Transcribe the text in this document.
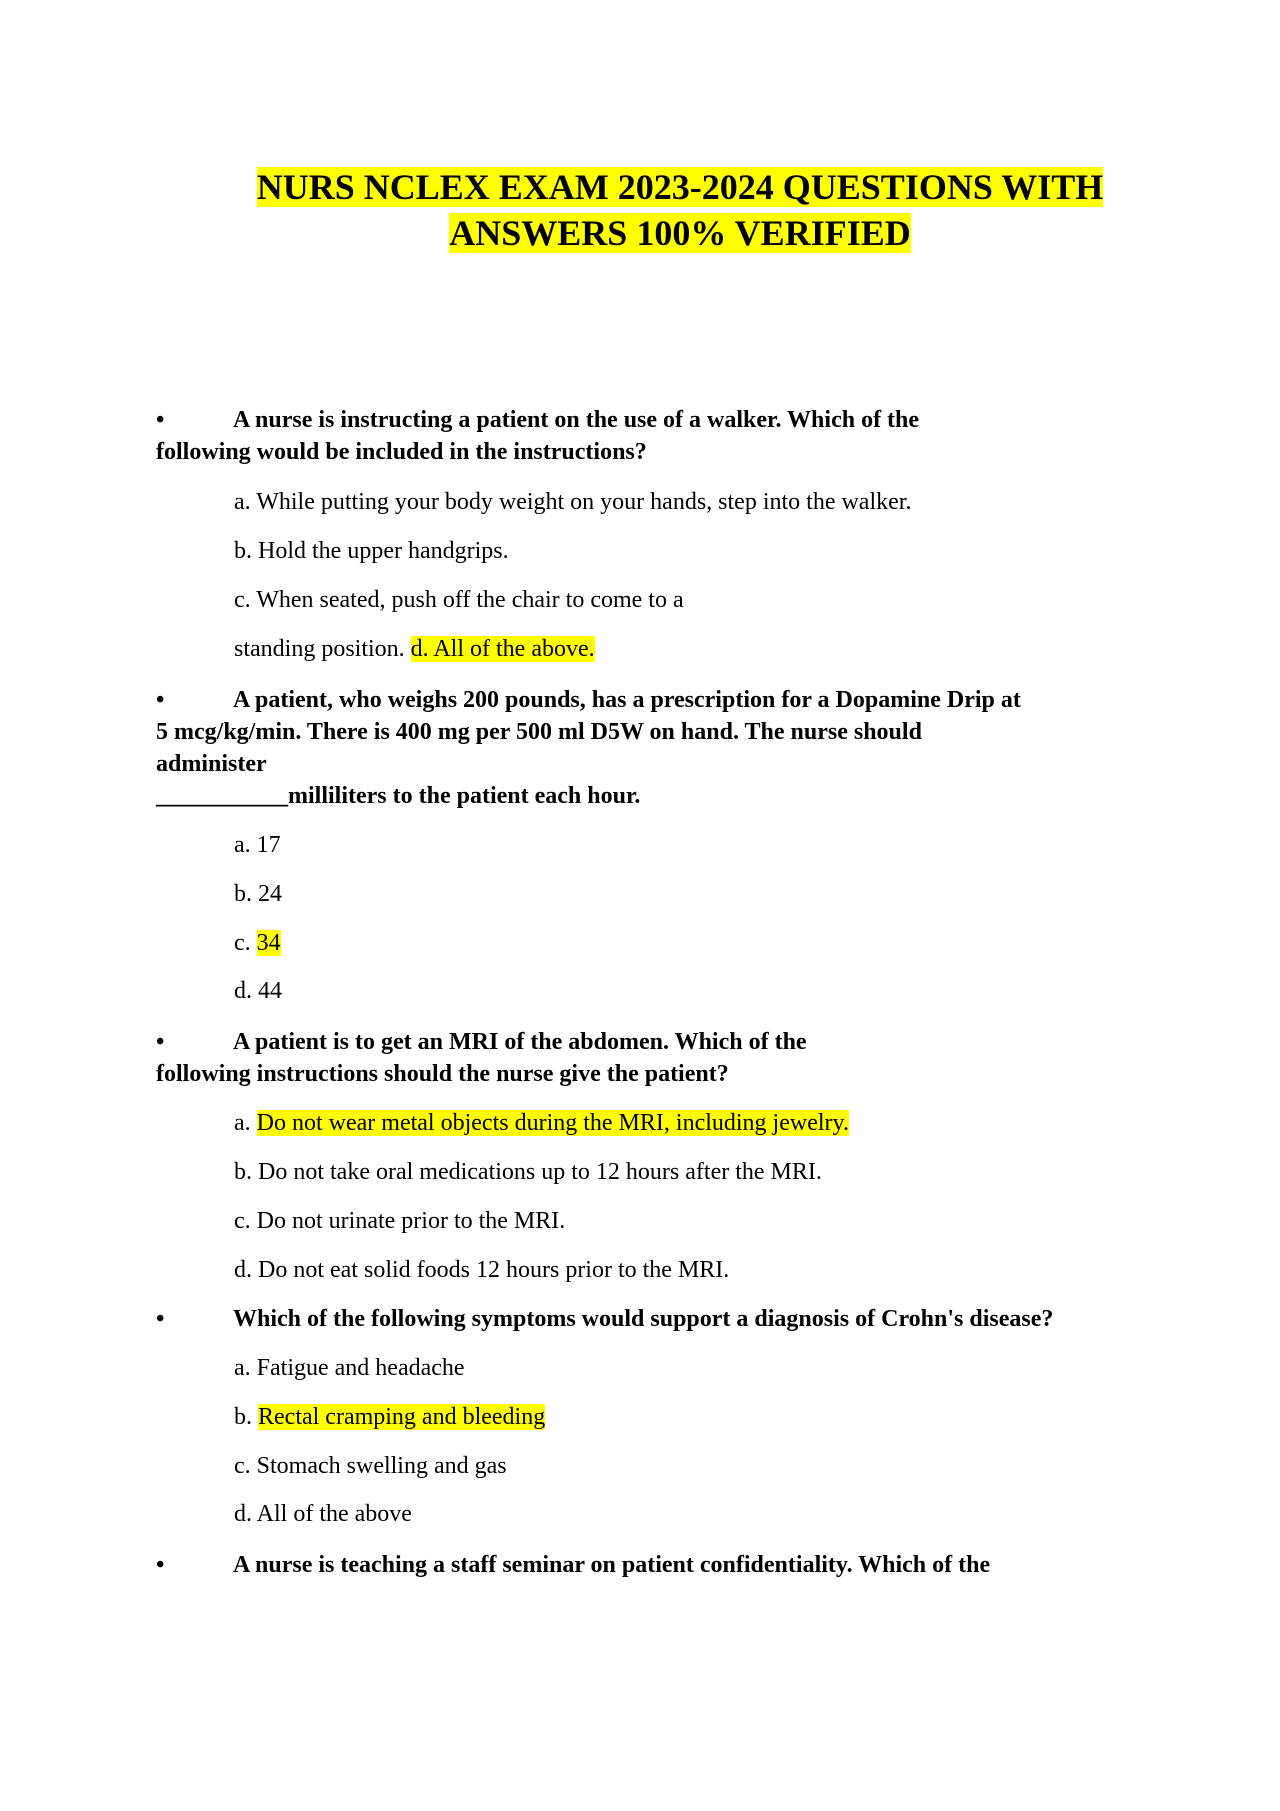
NURS NCLEX EXAM 2023-2024 QUESTIONS WITH
ANSWERS 100% VERIFIED
•	A nurse is instructing a patient on the use of a walker. Which of the
following would be included in the instructions?
a. While putting your body weight on your hands, step into the walker.
b. Hold the upper handgrips.
c. When seated, push off the chair to come to a
standing position. d. All of the above.
•	A patient, who weighs 200 pounds, has a prescription for a Dopamine Drip at
5 mcg/kg/min. There is 400 mg per 500 ml D5W on hand. The nurse should
administer
___________milliliters to the patient each hour.
a. 17
b. 24
c. 34
d. 44
•	A patient is to get an MRI of the abdomen. Which of the
following instructions should the nurse give the patient?
a. Do not wear metal objects during the MRI, including jewelry.
b. Do not take oral medications up to 12 hours after the MRI.
c. Do not urinate prior to the MRI.
d. Do not eat solid foods 12 hours prior to the MRI.
•	Which of the following symptoms would support a diagnosis of Crohn's disease?
a. Fatigue and headache
b. Rectal cramping and bleeding
c. Stomach swelling and gas
d. All of the above
•	A nurse is teaching a staff seminar on patient confidentiality. Which of the
